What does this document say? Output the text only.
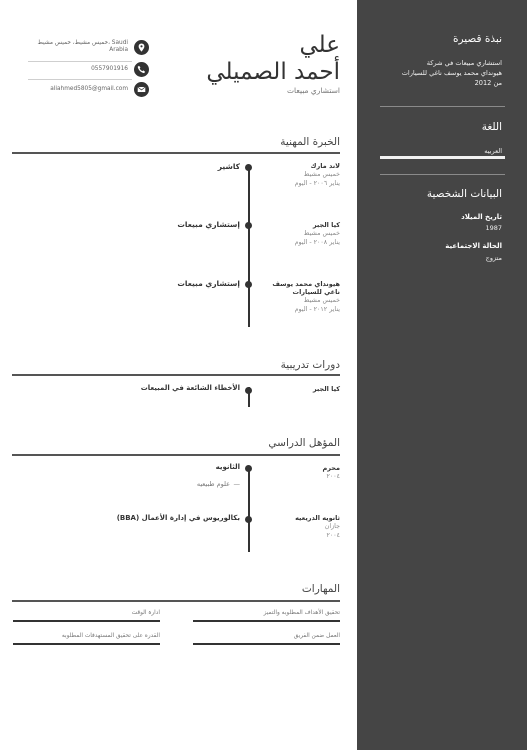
نبذة قصيرة
استشاري مبيعات في شركة
هيونداي محمد يوسف ناغي للسيارات
من 2012
اللغة
العربيه
البيانات الشخصية
تاريخ الميلاد
1987
الحالة الاجتماعية
متزوج
علي
أحمد الصميلي
استشاري مبيعات
خميس مشيط، خميس مشيط، Saudi
Arabia
0557901916
aliahmed5805@gmail.com
الخبرة المهنية
لاند مارك
خميس مشيط
يناير ٢٠٠٦ - اليوم
كاشير
كيا الجبر
خميس مشيط
يناير ٢٠٠٨ - اليوم
إستشاري مبيعات
هيونداي محمد يوسف
ناغي للسيارات
خميس مشيط
يناير ٢٠١٢ - اليوم
إستشاري مبيعات
دورات تدريبية
كيا الجبر
الأخطاء الشائعة في المبيعات
المؤهل الدراسي
محرم
٢٠٠٤
الثانويه
علوم طبيعيه —
ثانويه الدريعيه
جازان
٢٠٠٤
بكالوريوس في إدارة الأعمال (BBA)
المهارات
تحقيق الأهداف المطلوبه والتميز
ادارة الوقت
العمل ضمن الفريق
القدره على تحقيق المستهدفات المطلوبه
